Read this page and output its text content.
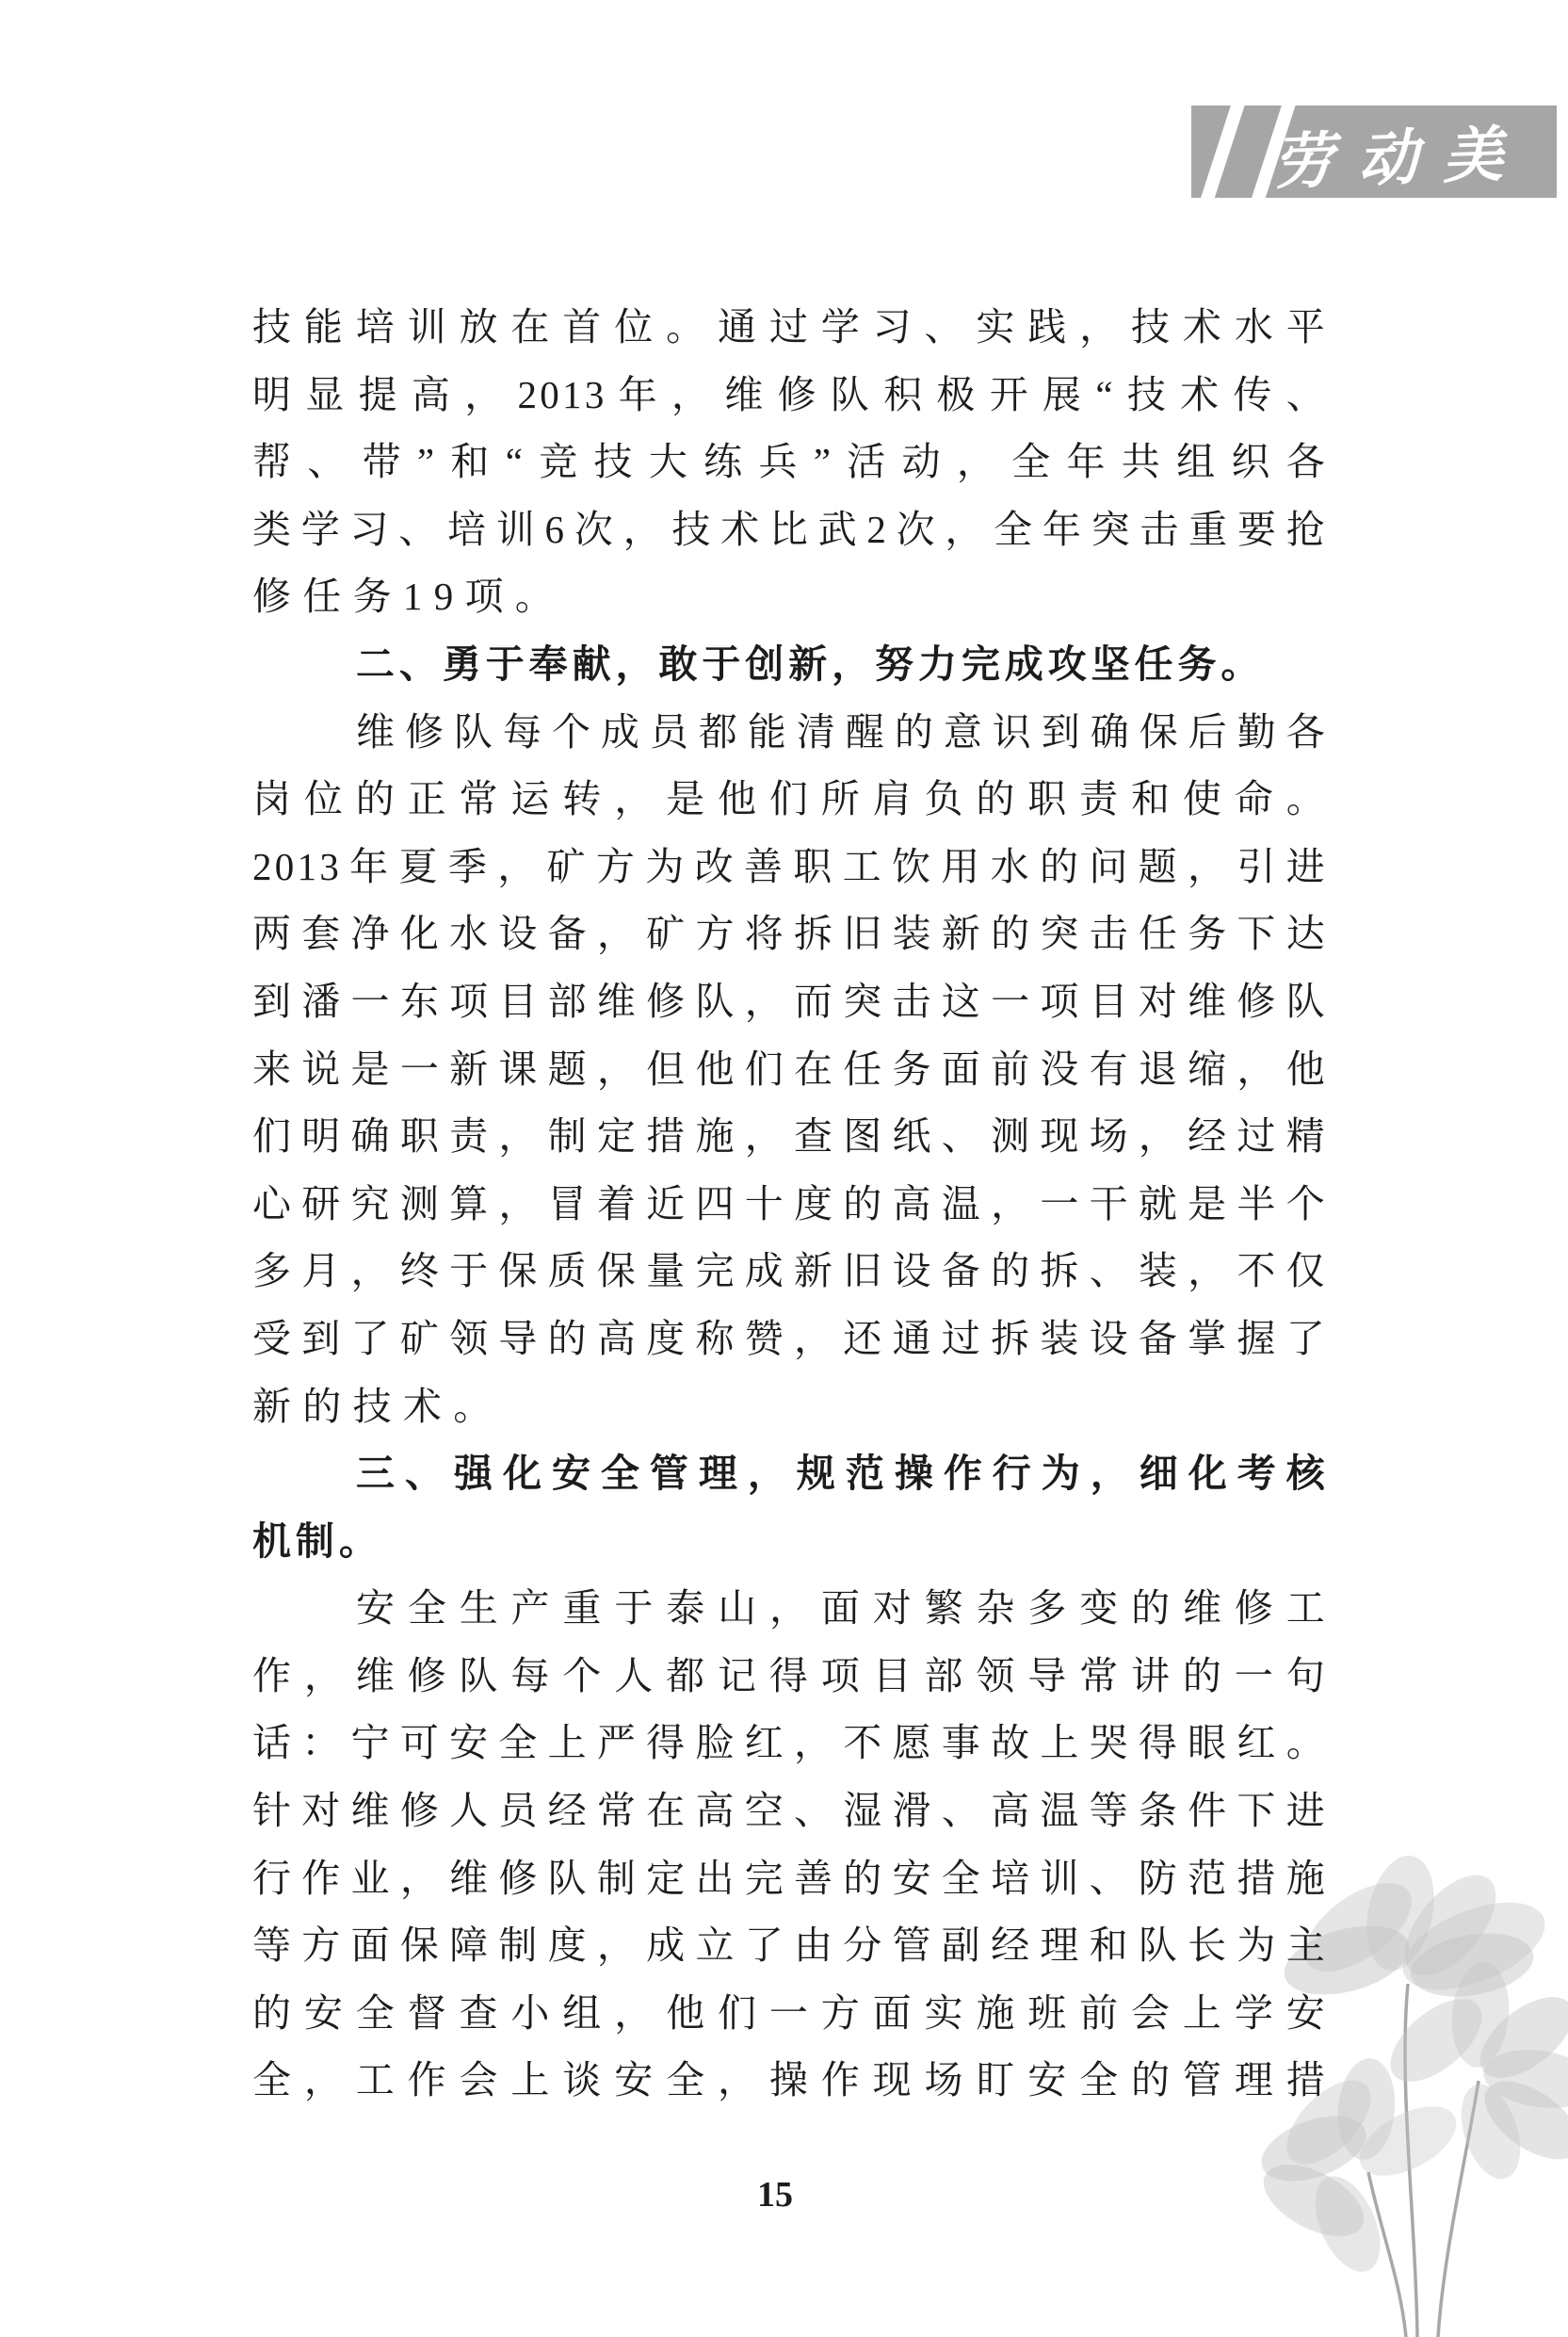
劳动美
技能培训放在首位。通过学习、实践，技术水平
明显提高，2013年，维修队积极开展“技术传、
帮、带”和“竞技大练兵”活动，全年共组织各
类学习、培训6次，技术比武2次，全年突击重要抢
修任务19项。
二、勇于奉献，敢于创新，努力完成攻坚任务。
维修队每个成员都能清醒的意识到确保后勤各
岗位的正常运转，是他们所肩负的职责和使命。
2013年夏季，矿方为改善职工饮用水的问题，引进
两套净化水设备，矿方将拆旧装新的突击任务下达
到潘一东项目部维修队，而突击这一项目对维修队
来说是一新课题，但他们在任务面前没有退缩，他
们明确职责，制定措施，查图纸、测现场，经过精
心研究测算，冒着近四十度的高温，一干就是半个
多月，终于保质保量完成新旧设备的拆、装，不仅
受到了矿领导的高度称赞，还通过拆装设备掌握了
新的技术。
三、强化安全管理，规范操作行为，细化考核
机制。
安全生产重于泰山，面对繁杂多变的维修工
作，维修队每个人都记得项目部领导常讲的一句
话：宁可安全上严得脸红，不愿事故上哭得眼红。
针对维修人员经常在高空、湿滑、高温等条件下进
行作业，维修队制定出完善的安全培训、防范措施
等方面保障制度，成立了由分管副经理和队长为主
的安全督查小组，他们一方面实施班前会上学安
全，工作会上谈安全，操作现场盯安全的管理措
15
